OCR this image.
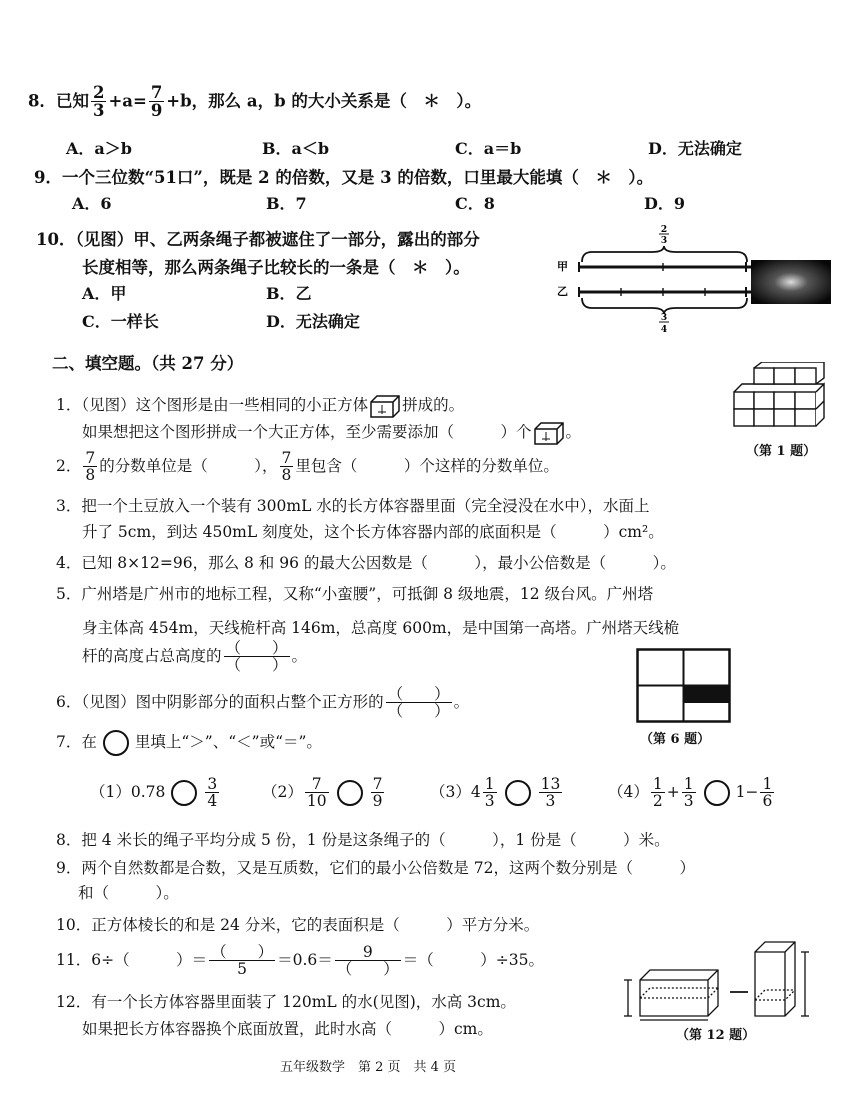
8．已知 $\frac{2}{3} +a= \frac{7}{9} +b$，那么 a，b 的大小关系是（　＊　）。
A．a＞b	B．a＜b	C．a＝b	D．无法确定
9．一个三位数“51口”，既是 2 的倍数，又是 3 的倍数，口里最大能填（　＊　）。
A．6	B．7	C．8	D．9
10．（见图）甲、乙两条绳子都被遮住了一部分，露出的部分
长度相等，那么两条绳子比较长的一条是（　＊　）。
A．甲	B．乙
C．一样长	D．无法确定
2
3
甲
乙
3
4
二、填空题。（共 27 分）
1．（见图）这个图形是由一些相同的小正方体 拼成的。
如果想把这个图形拼成一个大正方体，至少需要添加（　　　）个 。
（第 1 题）
2． $\frac{7}{8}$ 的分数单位是（　　　）， $\frac{7}{8}$ 里包含（　　　）个这样的分数单位。
3．把一个土豆放入一个装有 300mL 水的长方体容器里面（完全浸没在水中），水面上
升了 5cm，到达 450mL 刻度处，这个长方体容器内部的底面积是（　　　）cm²。
4．已知 8×12=96，那么 8 和 96 的最大公因数是（　　　），最小公倍数是（　　　）。
5．广州塔是广州市的地标工程，又称“小蛮腰”，可抵御 8 级地震，12 级台风。广州塔
身主体高 454m，天线桅杆高 146m，总高度 600m，是中国第一高塔。广州塔天线桅
杆的高度占总高度的 $\frac{( )}{( )}$ 。
（第 6 题）
6．（见图）图中阴影部分的面积占整个正方形的 $\frac{( )}{( )}$ 。
7．在 里填上“＞”、“＜”或“＝”。
（1）0.78	$\frac{3}{4}$	$(2) \frac{7}{10}$	$\frac{7}{9}$	$(3)4 \frac{1}{3}$	$\frac{13}{3}$	$(4) \frac{1}{2} + \frac{1}{3}$	$1- \frac{1}{6}$
8．把 4 米长的绳子平均分成 5 份，1 份是这条绳子的（　　　），1 份是（　　　）米。
9．两个自然数都是合数，又是互质数，它们的最小公倍数是 72，这两个数分别是（　　　）
和（　　　）。
10．正方体棱长的和是 24 分米，它的表面积是（　　　）平方分米。
11．6÷（　　　）＝ $\frac{( )}{5} =0.6= \frac{9}{( )}$ ＝（　　　）÷35。
12．有一个长方体容器里面装了 120mL 的水(见图)，水高 3cm。
如果把长方体容器换个底面放置，此时水高（　　　）cm。	（第 12 题）
五年级数学　第 2 页　共 4 页
